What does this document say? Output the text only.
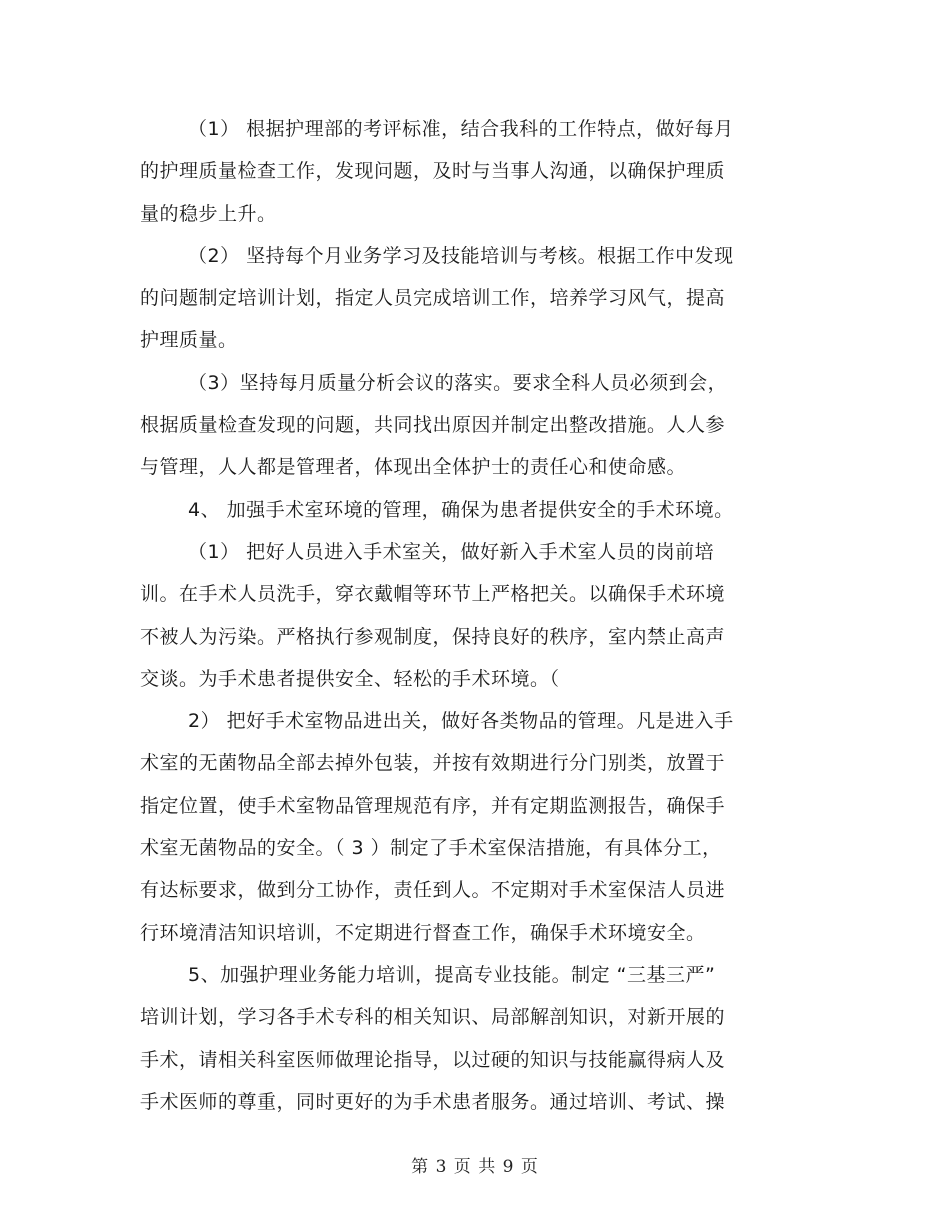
（1） 根据护理部的考评标准，结合我科的工作特点，做好每月
的护理质量检查工作，发现问题，及时与当事人沟通，以确保护理质
量的稳步上升。
（2） 坚持每个月业务学习及技能培训与考核。根据工作中发现
的问题制定培训计划，指定人员完成培训工作，培养学习风气，提高
护理质量。
（3）坚持每月质量分析会议的落实。要求全科人员必须到会，
根据质量检查发现的问题，共同找出原因并制定出整改措施。人人参
与管理，人人都是管理者，体现出全体护士的责任心和使命感。
4、 加强手术室环境的管理，确保为患者提供安全的手术环境。
（1） 把好人员进入手术室关，做好新入手术室人员的岗前培
训。在手术人员洗手，穿衣戴帽等环节上严格把关。以确保手术环境
不被人为污染。严格执行参观制度，保持良好的秩序，室内禁止高声
交谈。为手术患者提供安全、轻松的手术环境。（
2） 把好手术室物品进出关，做好各类物品的管理。凡是进入手
术室的无菌物品全部去掉外包装，并按有效期进行分门别类，放置于
指定位置，使手术室物品管理规范有序，并有定期监测报告，确保手
术室无菌物品的安全。（ 3 ）制定了手术室保洁措施，有具体分工，
有达标要求，做到分工协作，责任到人。不定期对手术室保洁人员进
行环境清洁知识培训，不定期进行督查工作，确保手术环境安全。
5、加强护理业务能力培训，提高专业技能。制定 “三基三严”
培训计划，学习各手术专科的相关知识、局部解剖知识，对新开展的
手术，请相关科室医师做理论指导，以过硬的知识与技能赢得病人及
手术医师的尊重，同时更好的为手术患者服务。通过培训、考试、操
第 3 页 共 9 页
